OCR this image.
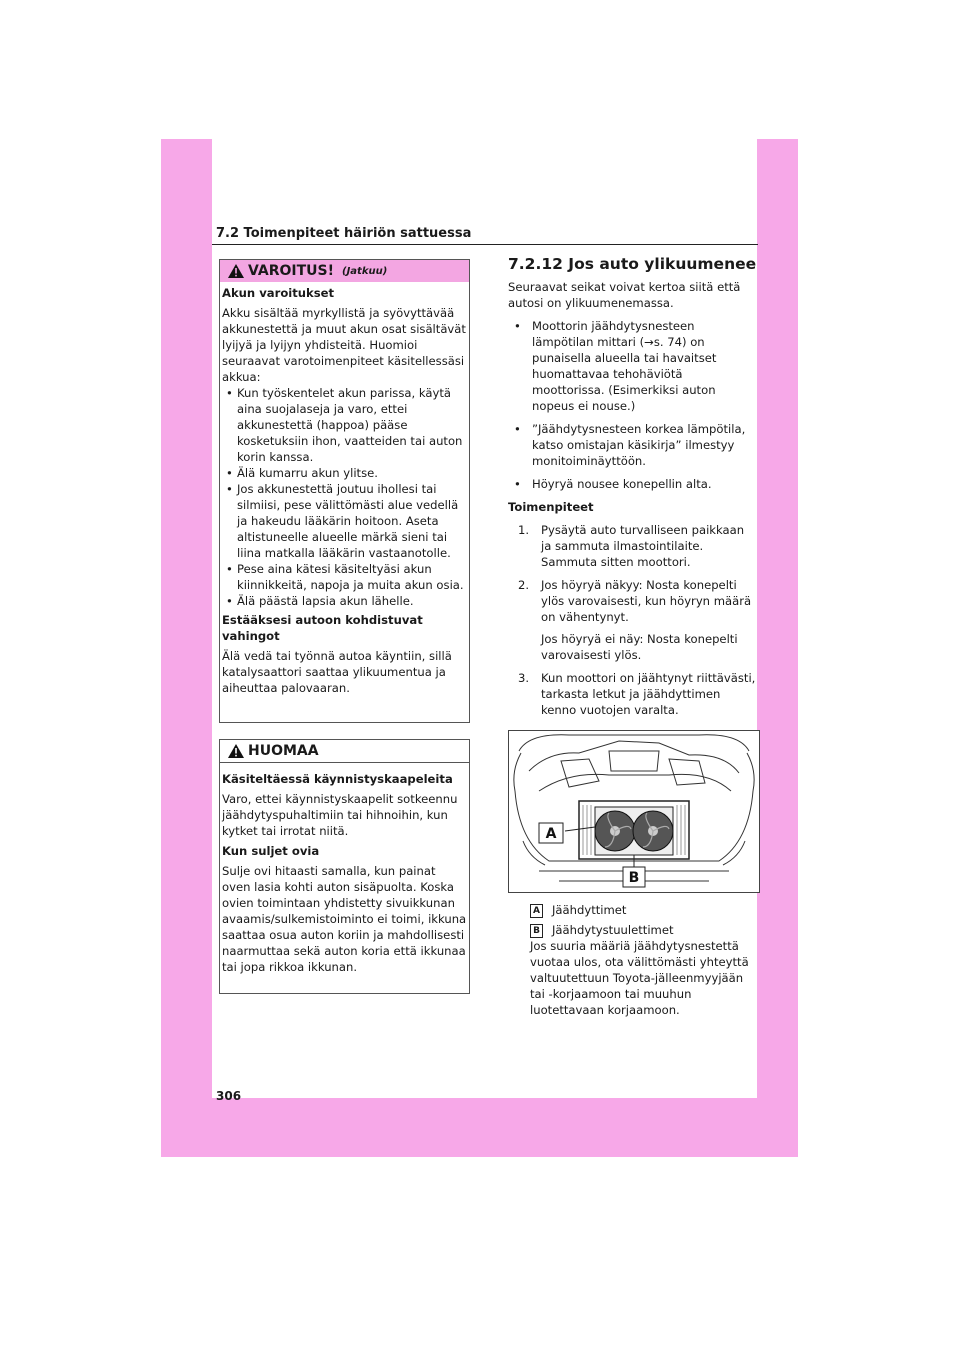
7.2 Toimenpiteet häiriön sattuessa
VAROITUS! (Jatkuu)

Akun varoitukset

Akku sisältää myrkyllistä ja syövyttävää akkunestettä ja muut akun osat sisältävät lyijyä ja lyijyn yhdisteitä. Huomioi seuraavat varotoimenpiteet käsitellessäsi akkua:

• Kun työskentelet akun parissa, käytä aina suojalaseja ja varo, ettei akkunestettä (happoa) pääse kosketuksiin ihon, vaatteiden tai auton korin kanssa.
• Älä kumarru akun ylitse.
• Jos akkunestettä joutuu ihollesi tai silmiisi, pese välittömästi alue vedellä ja hakeudu lääkärin hoitoon. Aseta altistuneelle alueelle märkä sieni tai liina matkalla lääkärin vastaanotolle.
• Pese aina kätesi käsiteltyäsi akun kiinnikkeitä, napoja ja muita akun osia.
• Älä päästä lapsia akun lähelle.

Estääksesi autoon kohdistuvat vahingot

Älä vedä tai työnnä autoa käyntiin, sillä katalysaattori saattaa ylikuumentua ja aiheuttaa palovaaran.

HUOMAA

Käsiteltäessä käynnistyskaapeleita

Varo, ettei käynnistyskaapelit sotkeennu jäähdytyspuhaltimiin tai hihnoihin, kun kytket tai irrotat niitä.

Kun suljet ovia

Sulje ovi hitaasti samalla, kun painat oven lasia kohti auton sisäpuolta. Koska ovien toimintaan yhdistetty sivuikkunan avaamis/sulkemistoiminto ei toimi, ikkuna saattaa osua auton koriin ja mahdollisesti naarmuttaa sekä auton koria että ikkunaa tai jopa rikkoa ikkunan.

7.2.12 Jos auto ylikuumenee

Seuraavat seikat voivat kertoa siitä että autosi on ylikuumenemassa.

• Moottorin jäähdytysnesteen lämpötilan mittari (→s. 74) on punaisella alueella tai havaitset huomattavaa tehohäviötä moottorissa. (Esimerkiksi auton nopeus ei nouse.)
• ”Jäähdytysnesteen korkea lämpötila, katso omistajan käsikirja” ilmestyy monitoiminäyttöön.
• Höyryä nousee konepellin alta.

Toimenpiteet

1. Pysäytä auto turvalliseen paikkaan ja sammuta ilmastointilaite. Sammuta sitten moottori.
2. Jos höyryä näkyy: Nosta konepelti ylös varovaisesti, kun höyryn määrä on vähentynyt.
Jos höyryä ei näy: Nosta konepelti varovaisesti ylös.
3. Kun moottori on jäähtynyt riittävästi, tarkasta letkut ja jäähdyttimen kenno vuotojen varalta.
A
B
A Jäähdyttimet
B Jäähdytystuulettimet
Jos suuria määriä jäähdytysnestettä vuotaa ulos, ota välittömästi yhteyttä valtuutettuun Toyota-jälleenmyyjään tai -korjaamoon tai muuhun luotettavaan korjaamoon.
306
